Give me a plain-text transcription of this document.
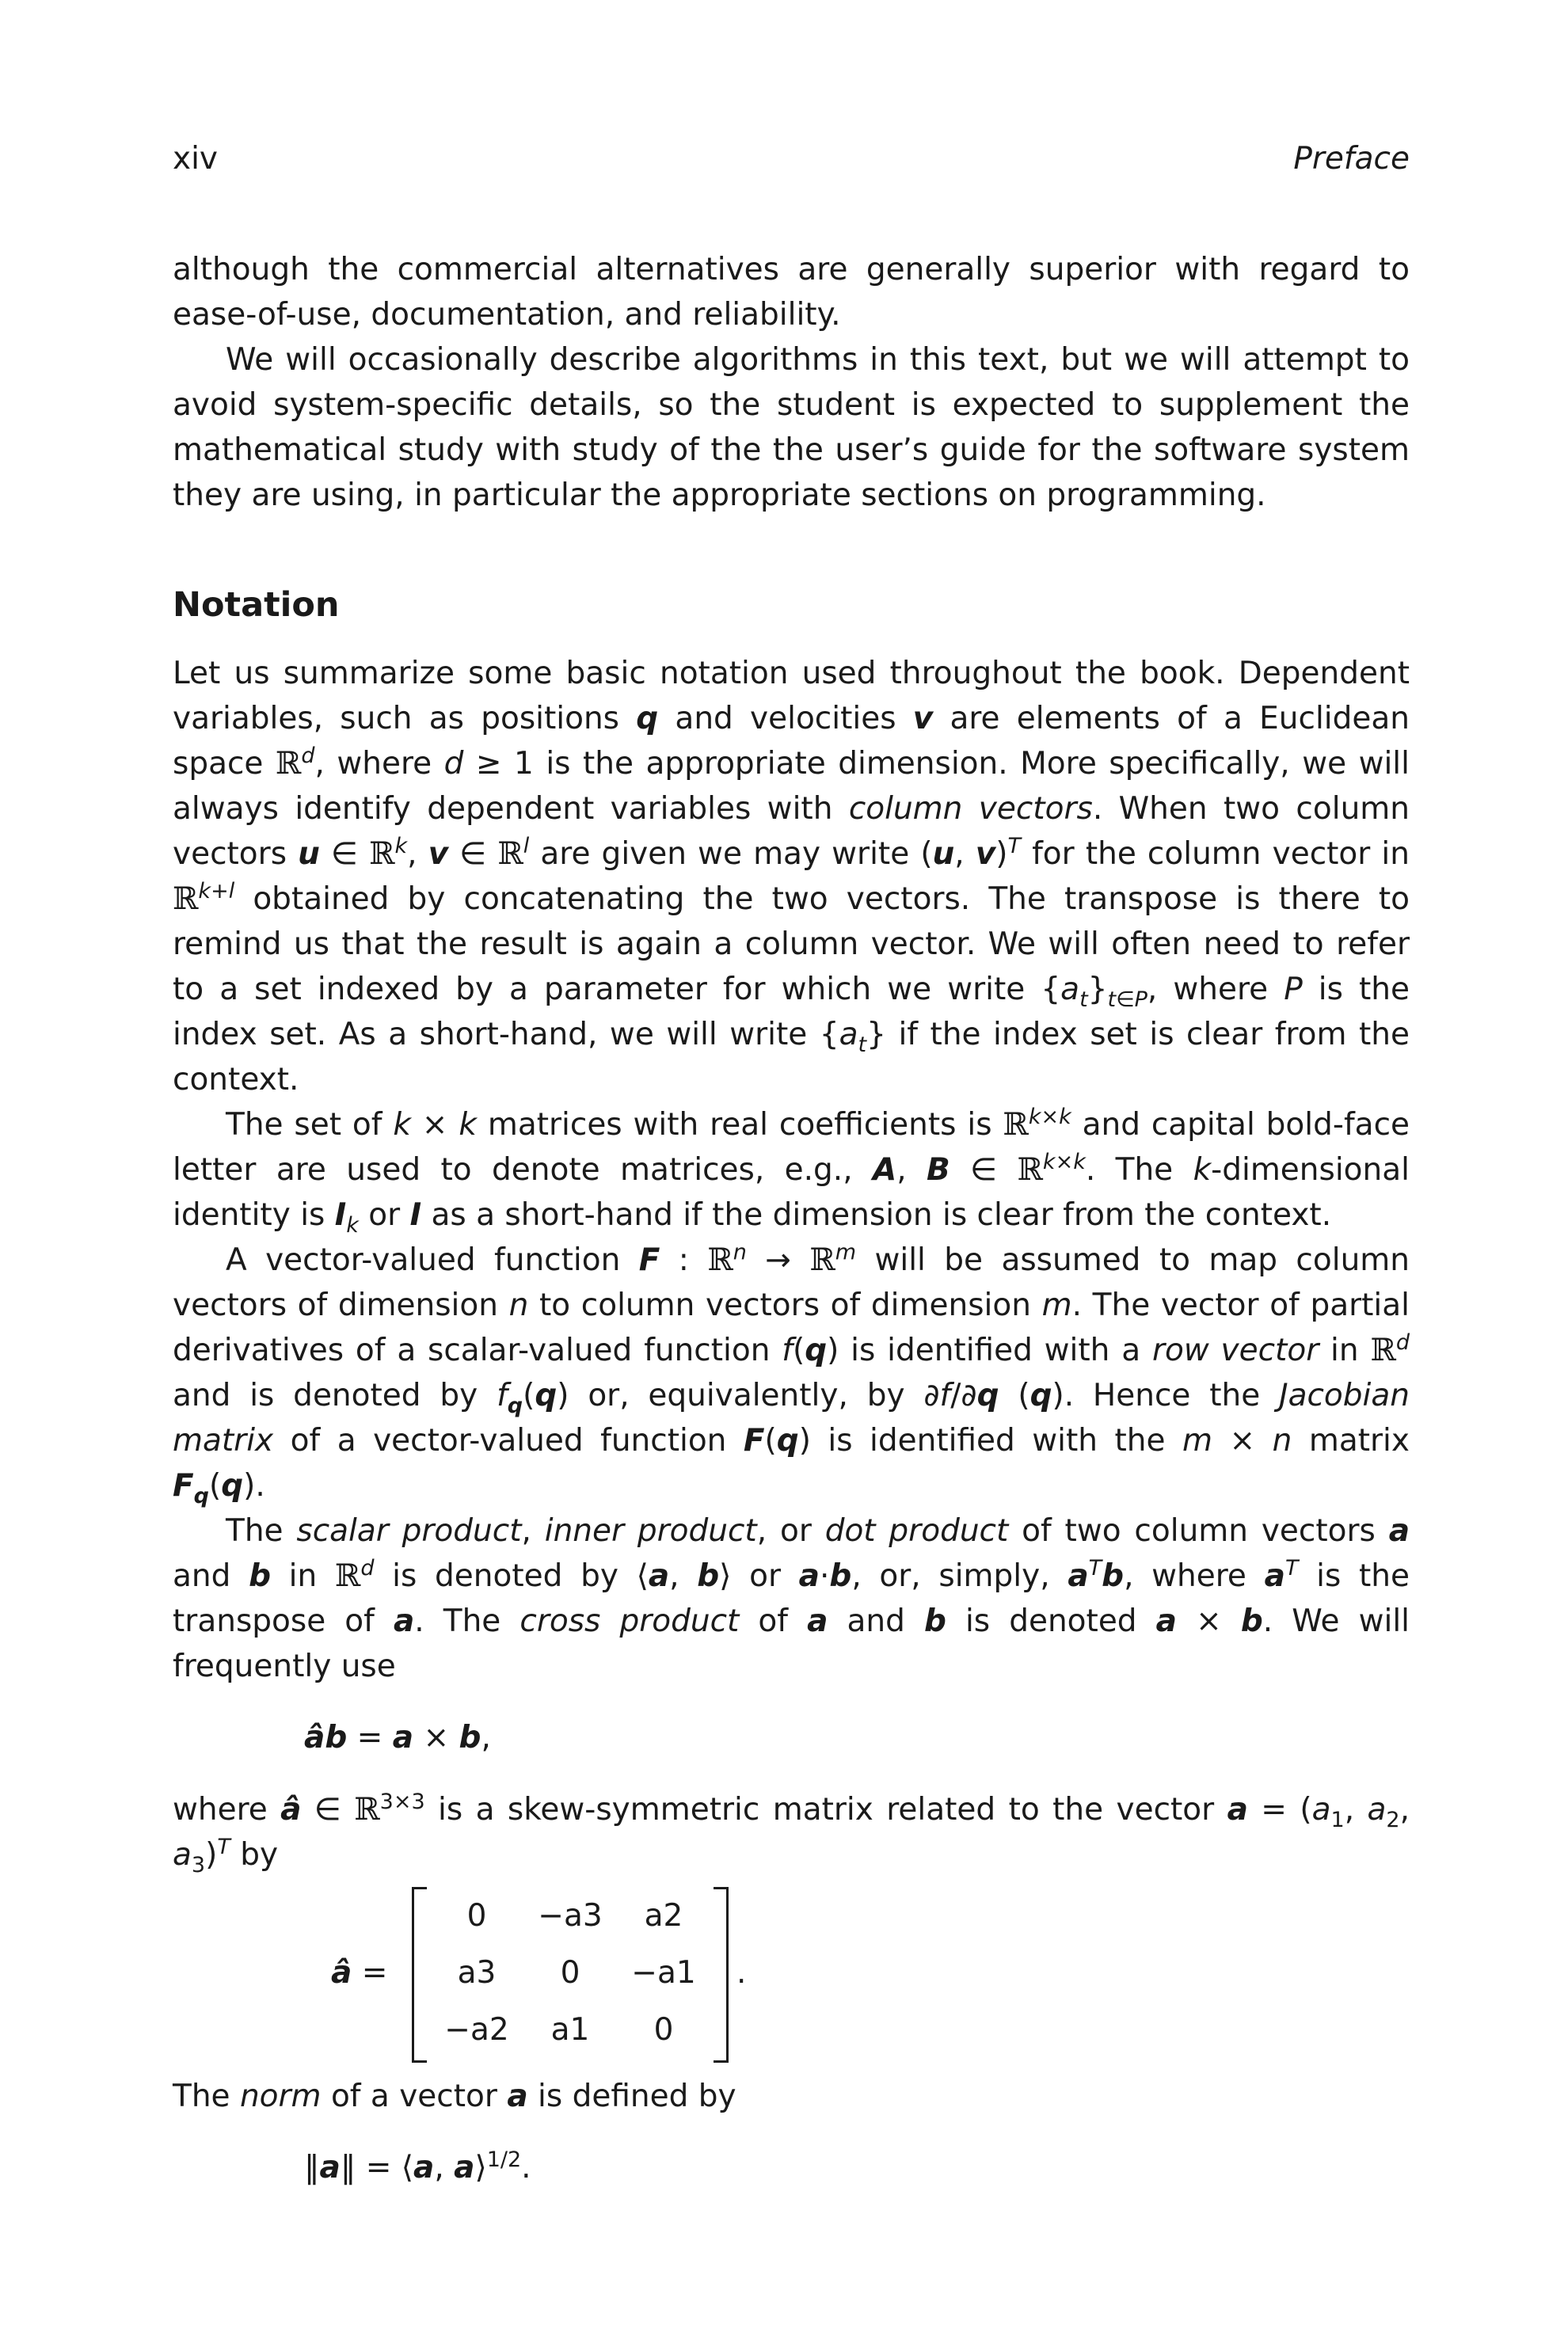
xiv	Preface

although the commercial alternatives are generally superior with regard to ease-of-use, documentation, and reliability.

We will occasionally describe algorithms in this text, but we will attempt to avoid system-specific details, so the student is expected to supplement the mathematical study with study of the the user’s guide for the software system they are using, in particular the appropriate sections on programming.

Notation

Let us summarize some basic notation used throughout the book. Dependent variables, such as positions q and velocities v are elements of a Euclidean space ℝ$^d$, where d ≥ 1 is the appropriate dimension. More specifically, we will always identify dependent variables with column vectors. When two column vectors u ∈ ℝ$^k$, v ∈ ℝ$^l$ are given we may write (u, v)$^T$ for the column vector in ℝ$^{k+l}$ obtained by concatenating the two vectors. The transpose is there to remind us that the result is again a column vector. We will often need to refer to a set indexed by a parameter for which we write $\{a_t\}_{t\in P}$, where P is the index set. As a short-hand, we will write $\{a_t\}$ if the index set is clear from the context.

The set of k × k matrices with real coefficients is ℝ$^{k\times k}$ and capital bold-face letter are used to denote matrices, e.g., A, B ∈ ℝ$^{k\times k}$. The k-dimensional identity is $I_k$ or I as a short-hand if the dimension is clear from the context.

A vector-valued function F : ℝ$^n$ → ℝ$^m$ will be assumed to map column vectors of dimension n to column vectors of dimension m. The vector of partial derivatives of a scalar-valued function f(q) is identified with a row vector in ℝ$^d$ and is denoted by $f_q(q)$ or, equivalently, by ∂f/∂q (q). Hence the Jacobian matrix of a vector-valued function F(q) is identified with the m × n matrix $F_q(q)$.

The scalar product, inner product, or dot product of two column vectors a and b in ℝ$^d$ is denoted by ⟨a, b⟩ or a·b, or, simply, $a^Tb$, where $a^T$ is the transpose of a. The cross product of a and b is denoted a × b. We will frequently use

âb = a × b,

where â ∈ ℝ$^{3\times 3}$ is a skew-symmetric matrix related to the vector $a = (a_1$, $a_2$, $a_3)^T$ by

â =
0	−a3	a2
a3	0	−a1
−a2	a1	0
.

The norm of a vector a is defined by

‖a‖ = ⟨a, a⟩$^{1/2}$.
